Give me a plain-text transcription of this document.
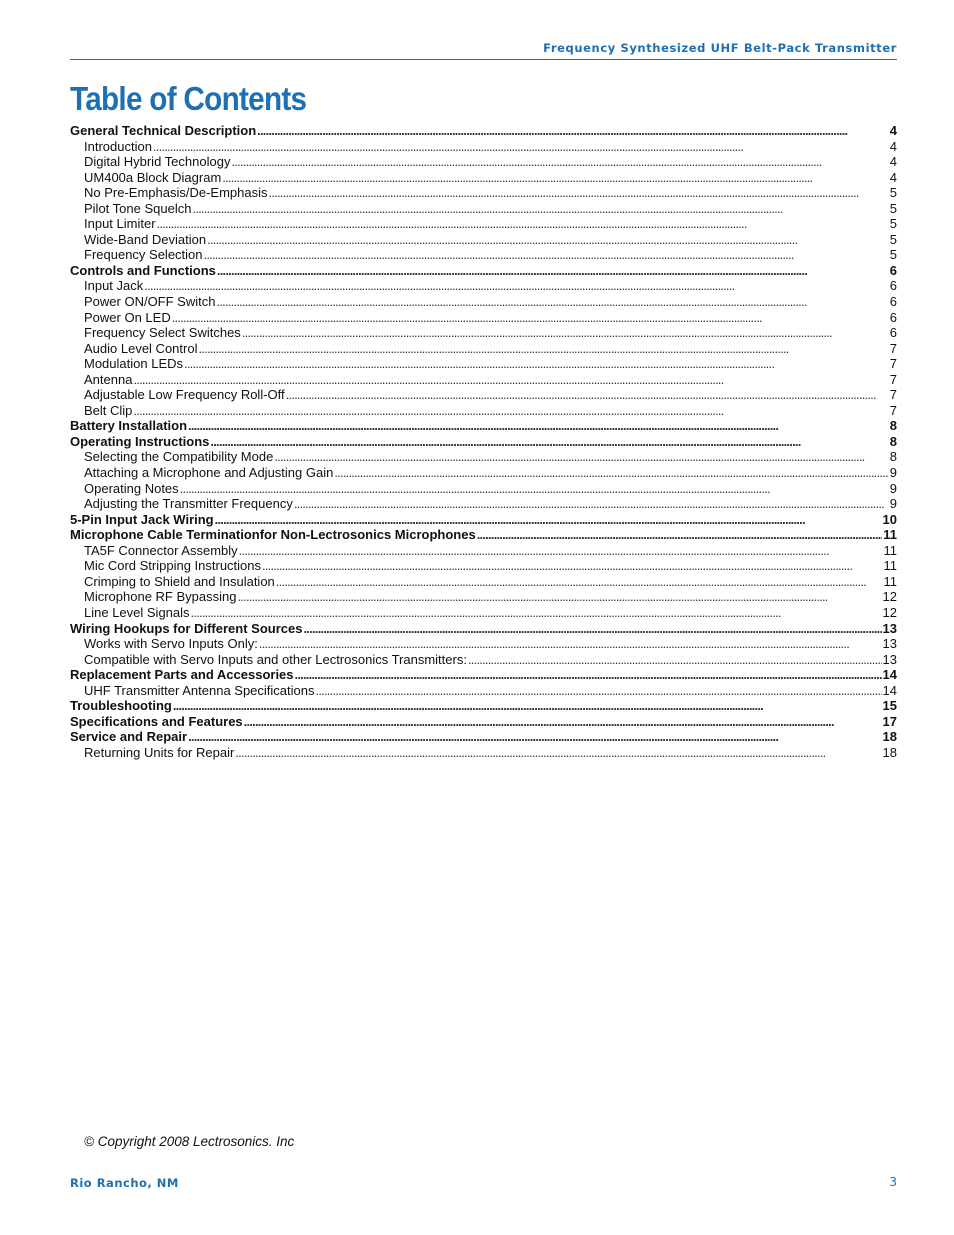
Frequency Synthesized UHF Belt-Pack Transmitter
Table of Contents
General Technical Description . . .	4
Introduction . . .	4
Digital Hybrid Technology . . .	4
UM400a Block Diagram . . .	4
No Pre-Emphasis/De-Emphasis . . .	5
Pilot Tone Squelch . . .	5
Input Limiter . . .	5
Wide-Band Deviation . . .	5
Frequency Selection . . .	5
Controls and Functions . . .	6
Input Jack . . .	6
Power ON/OFF Switch . . .	6
Power On LED . . .	6
Frequency Select Switches . . .	6
Audio Level Control . . .	7
Modulation LEDs . . .	7
Antenna . . .	7
Adjustable Low Frequency Roll-Off . . .	7
Belt Clip . . .	7
Battery Installation . . .	8
Operating Instructions . . .	8
Selecting the Compatibility Mode . . .	8
Attaching a Microphone and Adjusting Gain . . .	9
Operating Notes . . .	9
Adjusting the Transmitter Frequency . . .	9
5-Pin Input Jack Wiring . . .	10
Microphone Cable Terminationfor Non-Lectrosonics Microphones . . .	11
TA5F Connector Assembly . . .	11
Mic Cord Stripping Instructions . . .	11
Crimping to Shield and Insulation . . .	11
Microphone RF Bypassing . . .	12
Line Level Signals . . .	12
Wiring Hookups for Different Sources . . .	13
Works with Servo Inputs Only: . . .	13
Compatible with Servo Inputs and other Lectrosonics Transmitters: . . .	13
Replacement Parts and Accessories . . .	14
UHF Transmitter Antenna Specifications . . .	14
Troubleshooting . . .	15
Specifications and Features . . .	17
Service and Repair . . .	18
Returning Units for Repair . . .	18
© Copyright 2008 Lectrosonics. Inc
Rio Rancho, NM	3
